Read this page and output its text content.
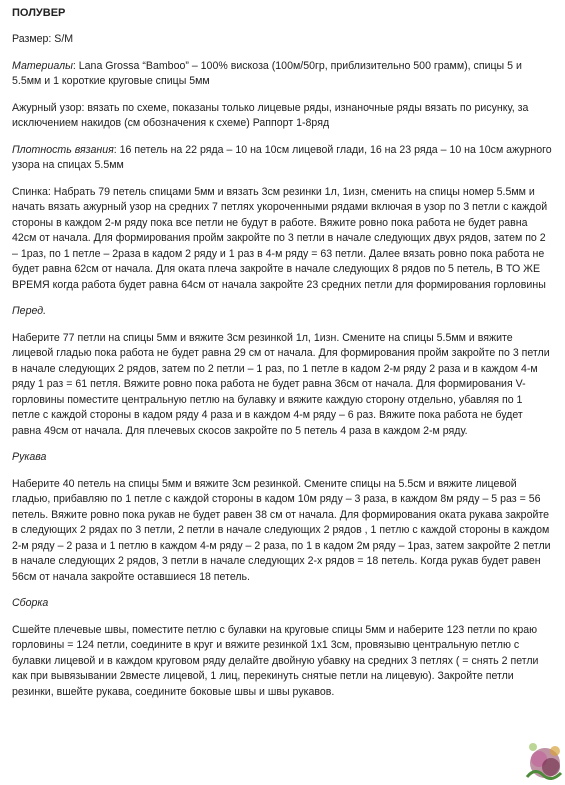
ПОЛУВЕР
Размер: S/M
Материалы: Lana Grossa “Bamboo” – 100% вискоза (100м/50гр, приблизительно 500 грамм), спицы 5 и 5.5мм и 1 короткие круговые спицы 5мм
Ажурный узор: вязать по схеме, показаны только лицевые ряды, изнаночные ряды вязать по рисунку, за исключением накидов (см обозначения к схеме) Раппорт 1-8ряд
Плотность вязания: 16 петель на 22 ряда – 10 на 10см лицевой глади, 16 на 23 ряда – 10 на 10см ажурного узора на спицах 5.5мм
Спинка: Набрать 79 петель спицами 5мм и вязать 3см резинки 1л, 1изн, сменить на спицы номер 5.5мм и начать вязать ажурный узор на средних 7 петлях укороченными рядами включая в узор по 3 петли с каждой стороны в каждом 2-м ряду пока все петли не будут в работе. Вяжите ровно пока работа не будет равна 42см от начала. Для формирования пройм закройте по 3 петли в начале следующих двух рядов, затем по 2 – 1раз, по 1 петле – 2раза в кадом 2 ряду и 1 раз в 4-м ряду = 63 петли. Далее вязать ровно пока работа не будет равна 62см от начала. Для оката плеча закройте в начале следующих 8 рядов по 5 петель, В ТО ЖЕ ВРЕМЯ когда работа будет равна 64см от начала закройте 23 средних петли для формирования горловины
Перед.
Наберите 77 петли на спицы 5мм и вяжите 3см резинкой 1л, 1изн. Смените на спицы 5.5мм и вяжите лицевой гладью пока работа не будет равна 29 см от начала. Для формирования пройм закройте по 3 петли в начале следующих 2 рядов, затем по 2 петли – 1 раз, по 1 петле в кадом 2-м ряду 2 раза и в каждом 4-м ряду 1 раз = 61 петля. Вяжите ровно пока работа не будет равна 36см от начала. Для формирования V-горловины поместите центральную петлю на булавку и вяжите каждую сторону отдельно, убавляя по 1 петле с каждой стороны в кадом ряду 4 раза и в каждом 4-м ряду – 6 раз. Вяжите пока работа не будет равна 49см от начала. Для плечевых скосов закройте по 5 петель 4 раза в каждом 2-м ряду.
Рукава
Наберите 40 петель на спицы 5мм и вяжите 3см резинкой. Смените спицы на 5.5см и вяжите лицевой гладью, прибавляю по 1 петле с каждой стороны в кадом 10м ряду – 3 раза, в каждом 8м ряду – 5 раз = 56 петель. Вяжите ровно пока рукав не будет равен 38 см от начала. Для формирования оката рукава закройте в следующих 2 рядах по 3 петли, 2 петли в начале следующих 2 рядов , 1 петлю с каждой стороны в каждом 2-м ряду – 2 раза и 1 петлю в каждом 4-м ряду – 2 раза, по 1 в кадом 2м ряду – 1раз, затем закройте 2 петли в начале следующих 2 рядов, 3 петли в начале следующих 2-х рядов = 18 петель. Когда рукав будет равен 56см от начала закройте оставшиеся 18 петель.
Сборка
Сшейте плечевые швы, поместите петлю с булавки на круговые спицы 5мм и наберите 123 петли по краю горловины = 124 петли, соедините в круг и вяжите резинкой 1х1 3см, провязывю центральную петлю с булавки лицевой и в каждом круговом ряду делайте двойную убавку на средних 3 петлях ( = снять 2 петли как при вывязывании 2вместе лицевой, 1 лиц, перекинуть снятые петли на лицевую). Закройте петли резинки, вшейте рукава, соедините боковые швы и швы рукавов.
